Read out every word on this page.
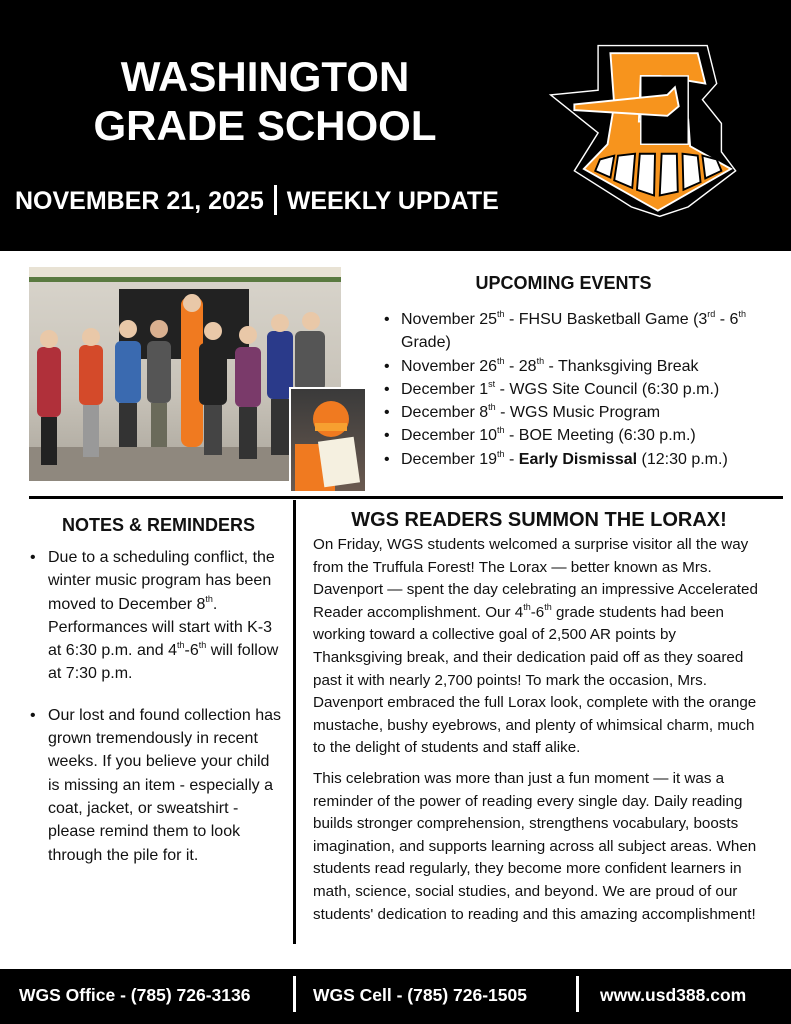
WASHINGTON
GRADE SCHOOL
NOVEMBER 21, 2025 WEEKLY UPDATE
UPCOMING EVENTS
• November 25th - FHSU Basketball Game (3rd - 6th Grade)
• November 26th - 28th - Thanksgiving Break
• December 1st - WGS Site Council (6:30 p.m.)
• December 8th - WGS Music Program
• December 10th - BOE Meeting (6:30 p.m.)
• December 19th - Early Dismissal (12:30 p.m.)
NOTES & REMINDERS
• Due to a scheduling conflict, the winter music program has been moved to December 8th. Performances will start with K-3 at 6:30 p.m. and 4th-6th will follow at 7:30 p.m.
• Our lost and found collection has grown tremendously in recent weeks. If you believe your child is missing an item - especially a coat, jacket, or sweatshirt - please remind them to look through the pile for it.
WGS READERS SUMMON THE LORAX!

On Friday, WGS students welcomed a surprise visitor all the way from the Truffula Forest! The Lorax — better known as Mrs. Davenport — spent the day celebrating an impressive Accelerated Reader accomplishment. Our 4th-6th grade students had been working toward a collective goal of 2,500 AR points by Thanksgiving break, and their dedication paid off as they soared past it with nearly 2,700 points! To mark the occasion, Mrs. Davenport embraced the full Lorax look, complete with the orange mustache, bushy eyebrows, and plenty of whimsical charm, much to the delight of students and staff alike.

This celebration was more than just a fun moment — it was a reminder of the power of reading every single day. Daily reading builds stronger comprehension, strengthens vocabulary, boosts imagination, and supports learning across all subject areas. When students read regularly, they become more confident learners in math, science, social studies, and beyond. We are proud of our students' dedication to reading and this amazing accomplishment!

WGS Office - (785) 726-3136	WGS Cell - (785) 726-1505	www.usd388.com
